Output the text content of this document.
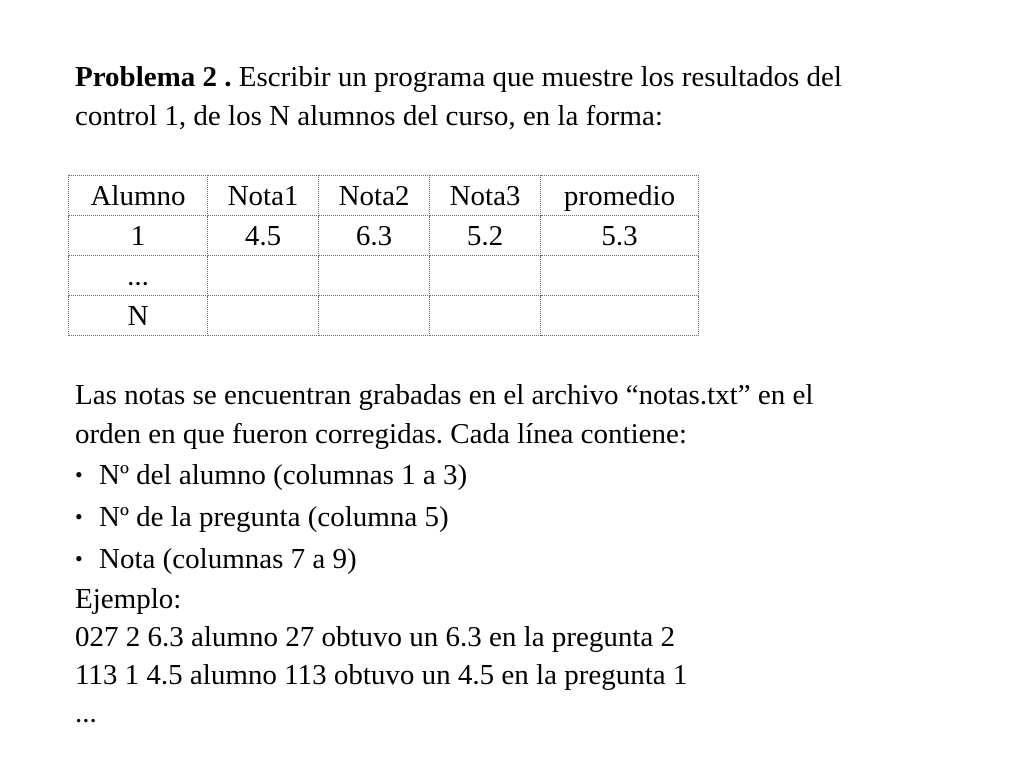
Problema 2 . Escribir un programa que muestre los resultados del
control 1, de los N alumnos del curso, en la forma:
Alumno	Nota1	Nota2	Nota3	promedio
1	4.5	6.3	5.2	5.3
...				
N				
Las notas se encuentran grabadas en el archivo “notas.txt” en el
orden en que fueron corregidas. Cada línea contiene:
• Nº del alumno (columnas 1 a 3)
• Nº de la pregunta (columna 5)
• Nota (columnas 7 a 9)
Ejemplo:
027 2 6.3 alumno 27 obtuvo un 6.3 en la pregunta 2
113 1 4.5 alumno 113 obtuvo un 4.5 en la pregunta 1
...
